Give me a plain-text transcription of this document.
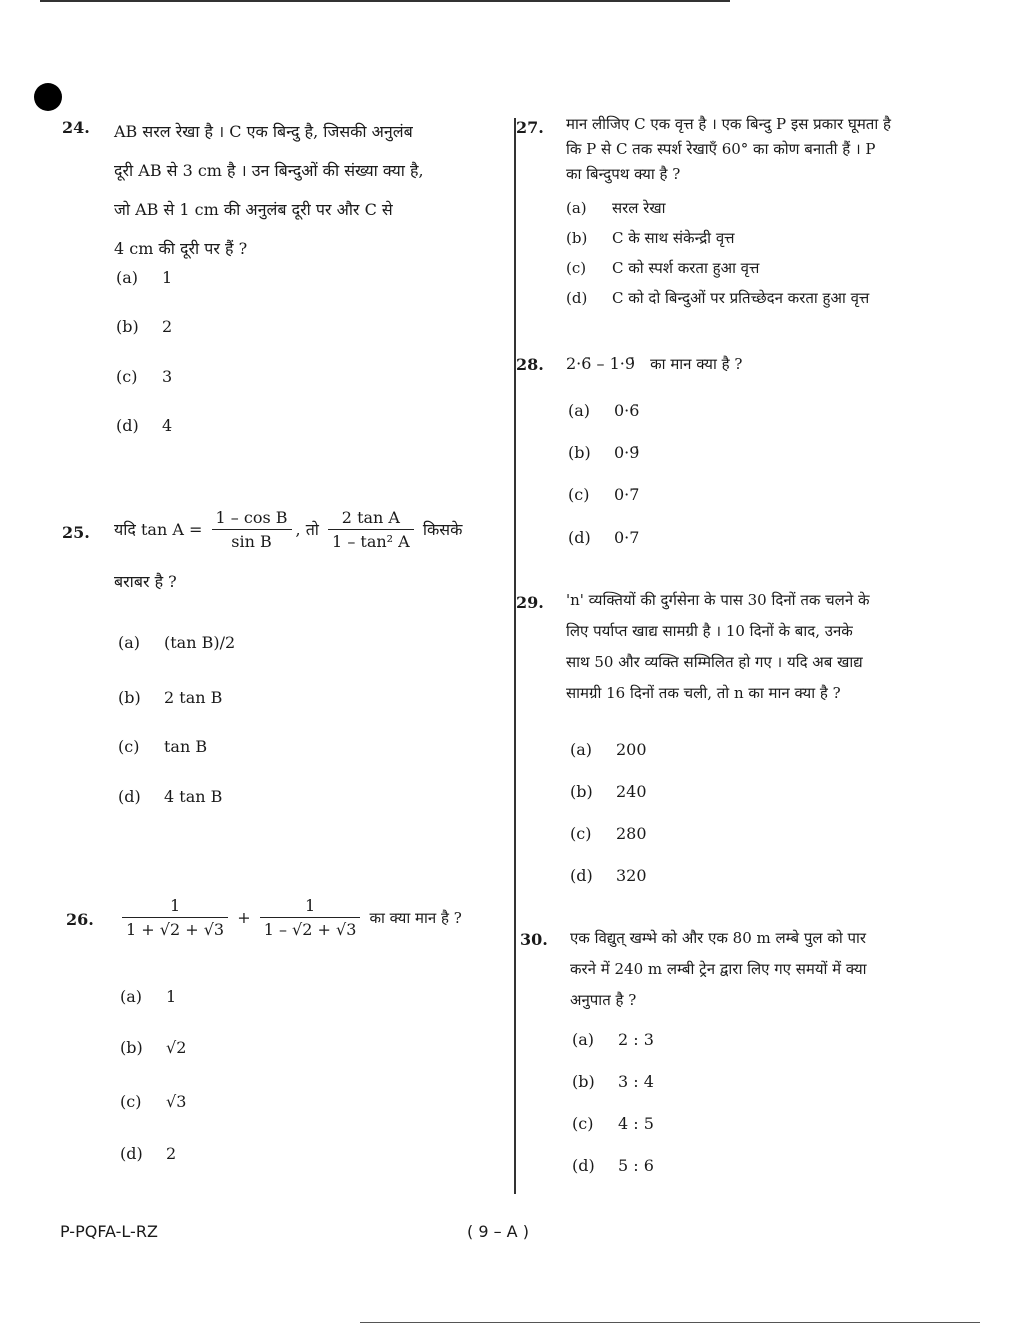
24. AB सरल रेखा है । C एक बिन्दु है, जिसकी अनुलंब
दूरी AB से 3 cm है । उन बिन्दुओं की संख्या क्या है,
जो AB से 1 cm की अनुलंब दूरी पर और C से
4 cm की दूरी पर हैं ?
(a) 1
(b) 2
(c) 3
(d) 4
25. यदि $\tan A = \frac{\text{1 – cos B}}{\text{sin B}}$ , तो $\frac{\text{2 tan A}}{\text{1 – tan² A}}$ किसके
बराबर है ?
(a) (tan B)/2
(b) 2 tan B
(c) tan B
(d) 4 tan B
26. $\frac{1}{1 + √2 + √3} + \frac{1}{1 - √2 + √3}$ का क्या मान है ?
(a) 1
(b) √2
(c) √3
(d) 2
27. मान लीजिए C एक वृत्त है । एक बिन्दु P इस प्रकार घूमता है
कि P से C तक स्पर्श रेखाएँ 60° का कोण बनाती हैं । P
का बिन्दुपथ क्या है ?
(a) सरल रेखा
(b) C के साथ संकेन्द्री वृत्त
(c) C को स्पर्श करता हुआ वृत्त
(d) C को दो बिन्दुओं पर प्रतिच्छेदन करता हुआ वृत्त
28. 2·6̄ – 1·9̄ का मान क्या है ?
(a) 0·6̄
(b) 0·9̄
(c) 0·7̄
(d) 0·7
29. 'n' व्यक्तियों की दुर्गसेना के पास 30 दिनों तक चलने के
लिए पर्याप्त खाद्य सामग्री है । 10 दिनों के बाद, उनके
साथ 50 और व्यक्ति सम्मिलित हो गए । यदि अब खाद्य
सामग्री 16 दिनों तक चली, तो n का मान क्या है ?
(a) 200
(b) 240
(c) 280
(d) 320
30. एक विद्युत् खम्भे को और एक 80 m लम्बे पुल को पार
करने में 240 m लम्बी ट्रेन द्वारा लिए गए समयों में क्या
अनुपात है ?
(a) 2 : 3
(b) 3 : 4
(c) 4 : 5
(d) 5 : 6
P-PQFA-L-RZ	( 9 – A )
